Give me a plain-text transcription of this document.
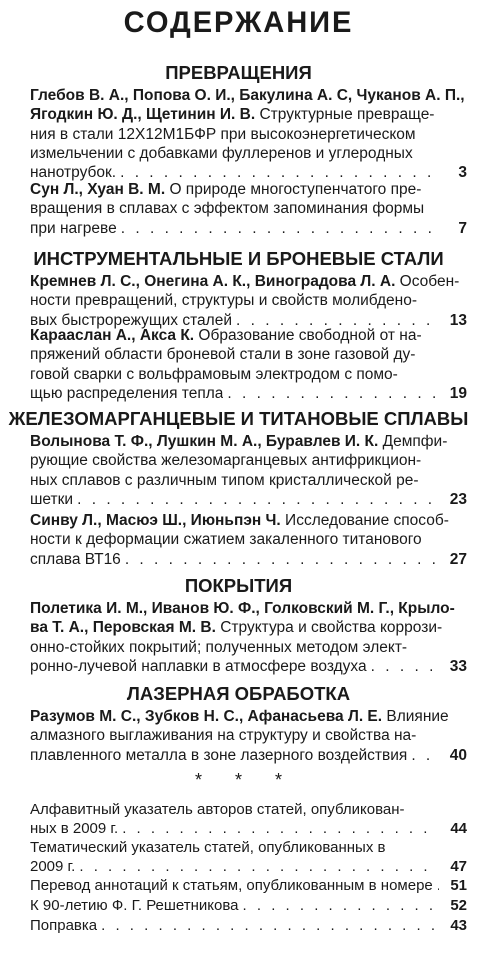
СОДЕРЖАНИЕ
ПРЕВРАЩЕНИЯ
Глебов В. А., Попова О. И., Бакулина А. С, Чуканов А. П.,
Ягодкин Ю. Д., Щетинин И. В. Структурные превраще-
ния в стали 12Х12М1БФР при высокоэнергетическом
измельчении с добавками фуллеренов и углеродных
нанотрубок. . . .	3
Сун Л., Хуан В. М. О природе многоступенчатого пре-
вращения в сплавах с эффектом запоминания формы
при нагреве . . .	7
ИНСТРУМЕНТАЛЬНЫЕ И БРОНЕВЫЕ СТАЛИ
Кремнев Л. С., Онегина А. К., Виноградова Л. А. Особен-
ности превращений, структуры и свойств молибдено-
вых быстрорежущих сталей . . .	13
Караaслан А., Акса К. Образование свободной от на-
пряжений области броневой стали в зоне газовой ду-
говой сварки с вольфрамовым электродом с помо-
щью распределения тепла . . .	19
ЖЕЛЕЗОМАРГАНЦЕВЫЕ И ТИТАНОВЫЕ СПЛАВЫ
Волынова Т. Ф., Лушкин М. А., Буравлев И. К. Демпфи-
рующие свойства железомарганцевых антифрикцион-
ных сплавов с различным типом кристаллической ре-
шетки . . .	23
Синву Л., Масюэ Ш., Июньпэн Ч. Исследование способ-
ности к деформации сжатием закаленного титанового
сплава ВТ16 . . .	27
ПОКРЫТИЯ
Полетика И. М., Иванов Ю. Ф., Голковский М. Г., Крыло-
ва Т. А., Перовская М. В. Структура и свойства коррози-
онно-стойких покрытий; полученных методом элект-
ронно-лучевой наплавки в атмосфере воздуха . . .	33
ЛАЗЕРНАЯ ОБРАБОТКА
Разумов М. С., Зубков Н. С., Афанасьева Л. Е. Влияние
алмазного выглаживания на структуру и свойства на-
плавленного металла в зоне лазерного воздействия . . .	40
* * *
Алфавитный указатель авторов статей, опубликован-
ных в 2009 г. . . .	44
Тематический указатель статей, опубликованных в
2009 г. . . .	47
Перевод аннотаций к статьям, опубликованным в номере . . .	51
К 90-летию Ф. Г. Решетникова . . .	52
Поправка . . .	43
